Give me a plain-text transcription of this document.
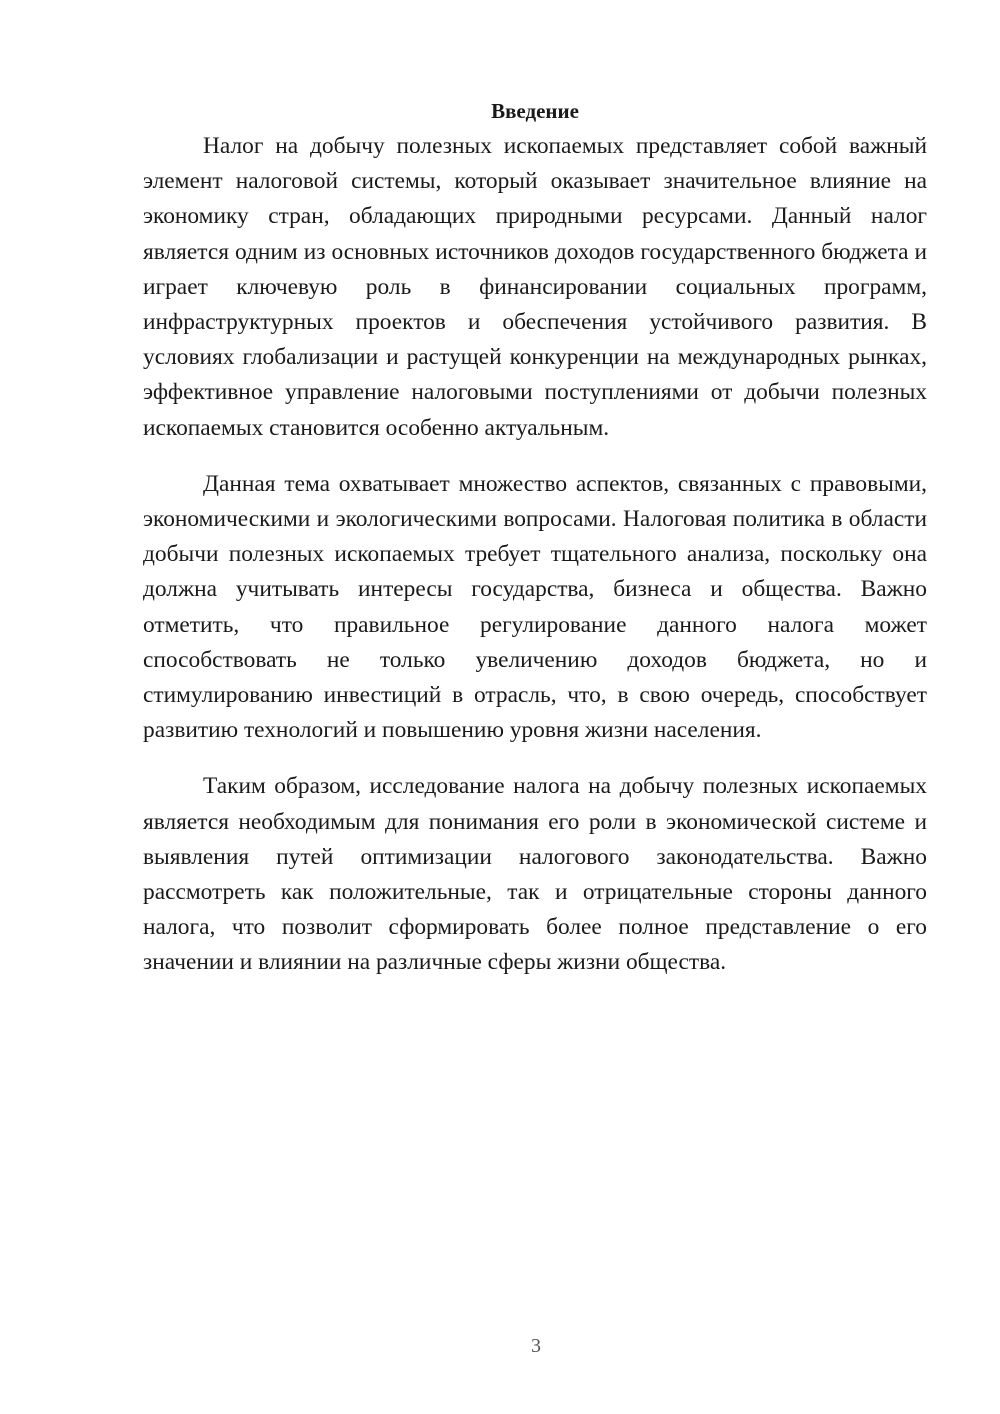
Введение

Налог на добычу полезных ископаемых представляет собой важный элемент налоговой системы, который оказывает значительное влияние на экономику стран, обладающих природными ресурсами. Данный налог является одним из основных источников доходов государственного бюджета и играет ключевую роль в финансировании социальных программ, инфраструктурных проектов и обеспечения устойчивого развития. В условиях глобализации и растущей конкуренции на международных рынках, эффективное управление налоговыми поступлениями от добычи полезных ископаемых становится особенно актуальным.

Данная тема охватывает множество аспектов, связанных с правовыми, экономическими и экологическими вопросами. Налоговая политика в области добычи полезных ископаемых требует тщательного анализа, поскольку она должна учитывать интересы государства, бизнеса и общества. Важно отметить, что правильное регулирование данного налога может способствовать не только увеличению доходов бюджета, но и стимулированию инвестиций в отрасль, что, в свою очередь, способствует развитию технологий и повышению уровня жизни населения.

Таким образом, исследование налога на добычу полезных ископаемых является необходимым для понимания его роли в экономической системе и выявления путей оптимизации налогового законодательства. Важно рассмотреть как положительные, так и отрицательные стороны данного налога, что позволит сформировать более полное представление о его значении и влиянии на различные сферы жизни общества.

3
